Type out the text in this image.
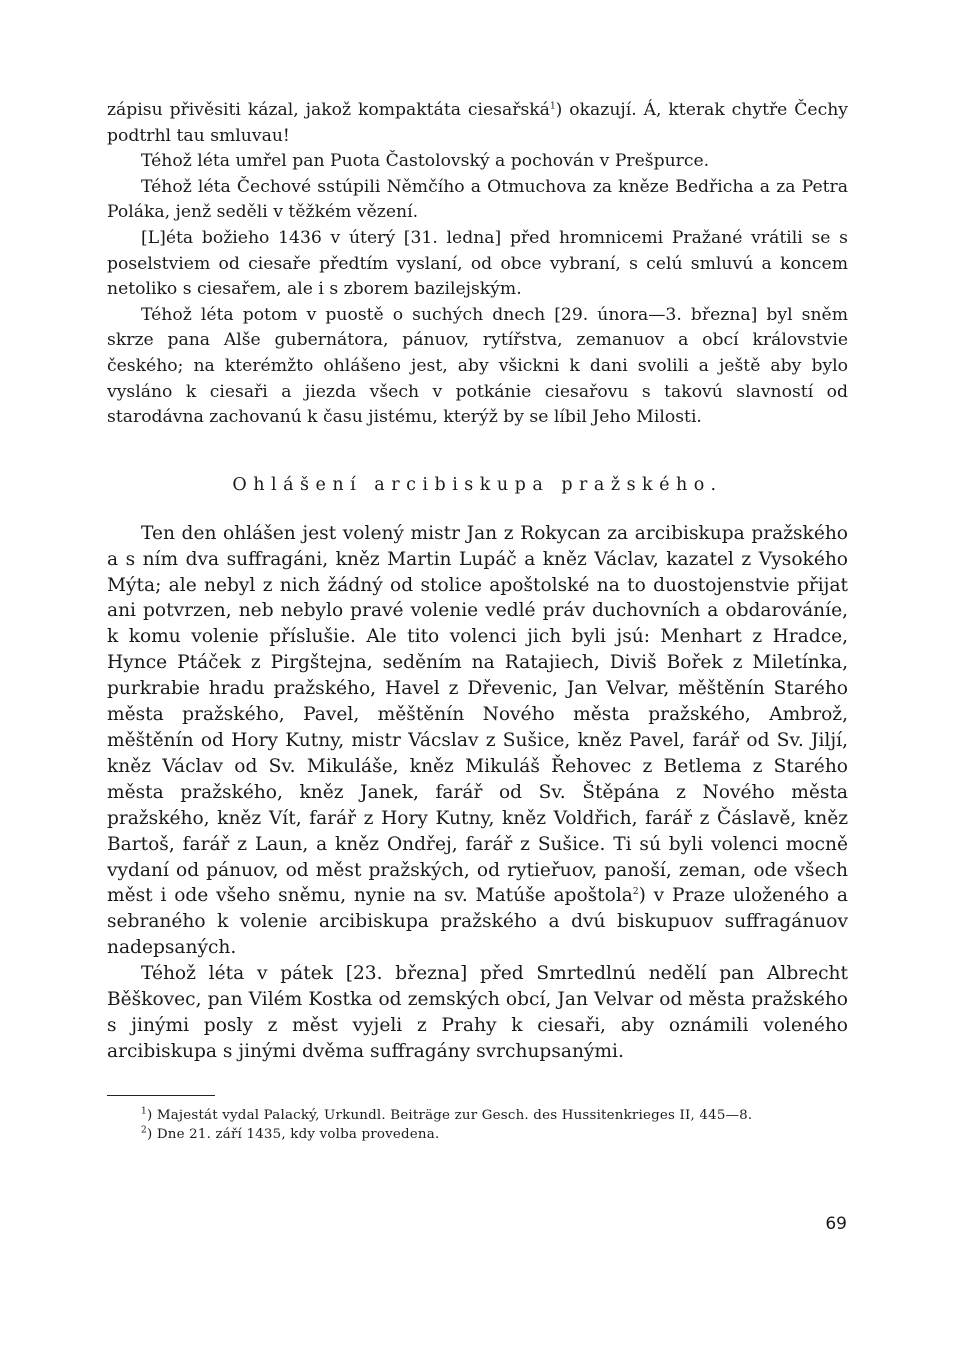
zápisu přivěsiti kázal, jakož kompaktáta ciesařská$^1$) okazují. Á, kterak chytře Čechy podtrhl tau smluvau!

Téhož léta umřel pan Puota Častolovský a pochován v Prešpurce.

Téhož léta Čechové sstúpili Němčího a Otmuchova za kněze Bedřicha a za Petra Poláka, jenž seděli v těžkém vězení.

[L]éta božieho 1436 v úterý [31. ledna] před hromnicemi Pražané vrátili se s poselstviem od ciesaře předtím vyslaní, od obce vybraní, s celú smluvú a koncem netoliko s ciesařem, ale i s zborem bazilejským.

Téhož léta potom v puostě o suchých dnech [29. února—3. března] byl sněm skrze pana Alše gubernátora, pánuov, rytířstva, zemanuov a obcí královstvie českého; na kterémžto ohlášeno jest, aby všickni k dani svolili a ještě aby bylo vysláno k ciesaři a jiezda všech v potkánie ciesařovu s takovú slavností od starodávna zachovanú k času jistému, kterýž by se líbil Jeho Milosti.

Ohlášení arcibiskupa pražského.

Ten den ohlášen jest volený mistr Jan z Rokycan za arcibiskupa pražského a s ním dva suffragáni, kněz Martin Lupáč a kněz Václav, kazatel z Vysokého Mýta; ale nebyl z nich žádný od stolice apoštolské na to duostojenstvie přijat ani potvrzen, neb nebylo pravé volenie vedlé práv duchovních a obdarováníe, k komu volenie příslušie. Ale tito volenci jich byli jsú: Menhart z Hradce, Hynce Ptáček z Pirgštejna, seděním na Ratajiech, Diviš Bořek z Miletínka, purkrabie hradu pražského, Havel z Dřevenic, Jan Velvar, měštěnín Starého města pražského, Pavel, měštěnín Nového města pražského, Ambrož, měštěnín od Hory Kutny, mistr Vácslav z Sušice, kněz Pavel, farář od Sv. Jiljí, kněz Václav od Sv. Mikuláše, kněz Mikuláš Řehovec z Betlema z Starého města pražského, kněz Janek, farář od Sv. Štěpána z Nového města pražského, kněz Vít, farář z Hory Kutny, kněz Voldřich, farář z Čáslavě, kněz Bartoš, farář z Laun, a kněz Ondřej, farář z Sušice. Ti sú byli volenci mocně vydaní od pánuov, od měst pražských, od rytieřuov, panoší, zeman, ode všech měst i ode všeho sněmu, nynie na sv. Matúše apoštola$^2$) v Praze uloženého a sebraného k volenie arcibiskupa pražského a dvú biskupuov suffragánuov nadepsaných.

Téhož léta v pátek [23. března] před Smrtedlnú nedělí pan Albrecht Běškovec, pan Vilém Kostka od zemských obcí, Jan Velvar od města pražského s jinými posly z měst vyjeli z Prahy k ciesaři, aby oznámili voleného arcibiskupa s jinými dvěma suffragány svrchupsanými.

$^1$) Majestát vydal Palacký, Urkundl. Beiträge zur Gesch. des Hussitenkrieges II, 445—8.

$^2$) Dne 21. září 1435, kdy volba provedena.

69
